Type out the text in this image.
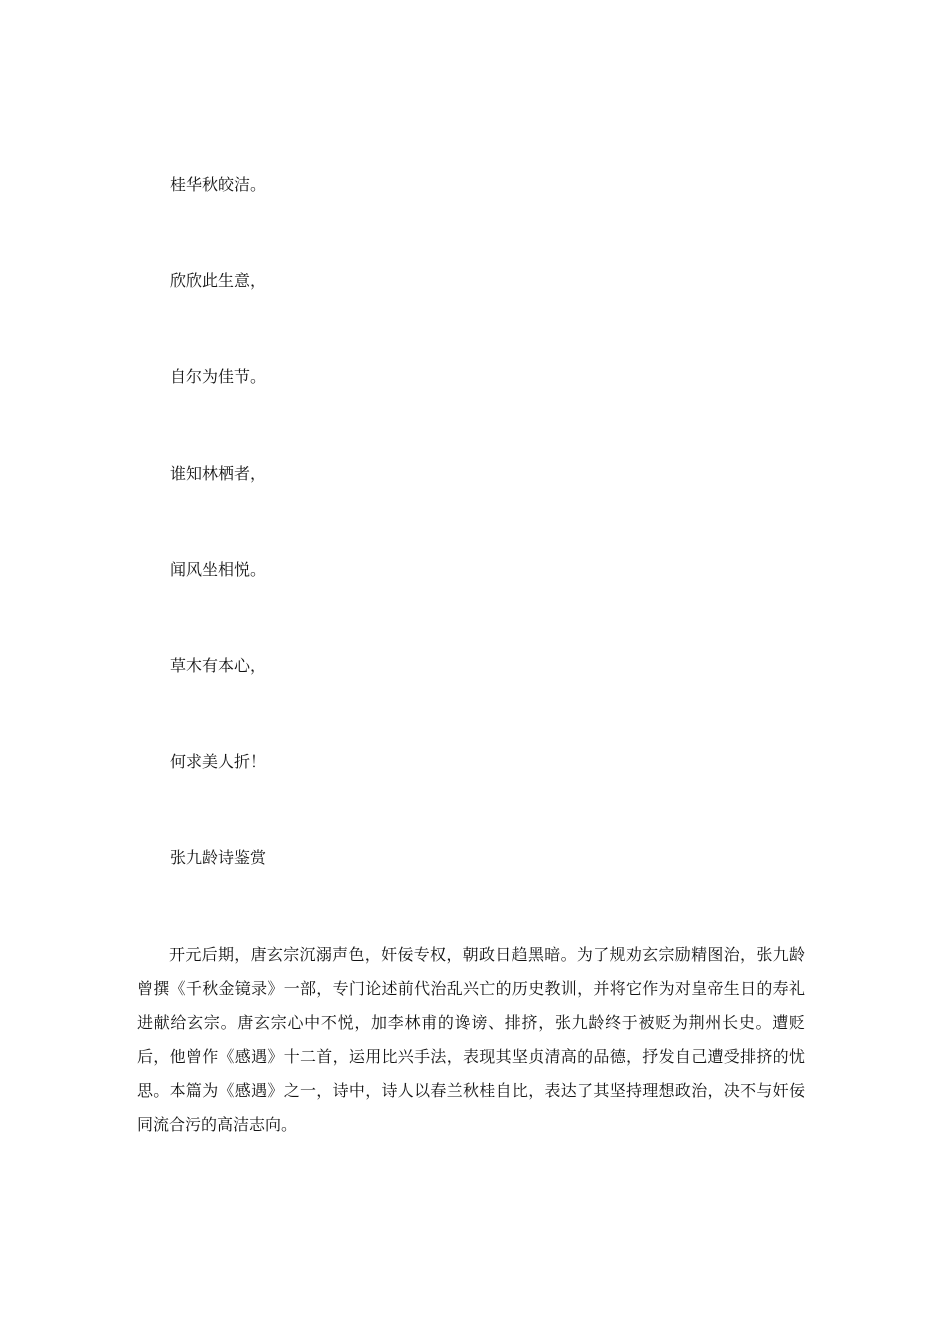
桂华秋皎洁。
欣欣此生意，
自尔为佳节。
谁知林栖者，
闻风坐相悦。
草木有本心，
何求美人折！
张九龄诗鉴赏

开元后期，唐玄宗沉溺声色，奸佞专权，朝政日趋黑暗。为了规劝玄宗励精图治，张九龄曾撰《千秋金镜录》一部，专门论述前代治乱兴亡的历史教训，并将它作为对皇帝生日的寿礼进献给玄宗。唐玄宗心中不悦，加李林甫的谗谤、排挤，张九龄终于被贬为荆州长史。遭贬后，他曾作《感遇》十二首，运用比兴手法，表现其坚贞清高的品德，抒发自己遭受排挤的忧思。本篇为《感遇》之一，诗中，诗人以春兰秋桂自比，表达了其坚持理想政治，决不与奸佞同流合污的高洁志向。
